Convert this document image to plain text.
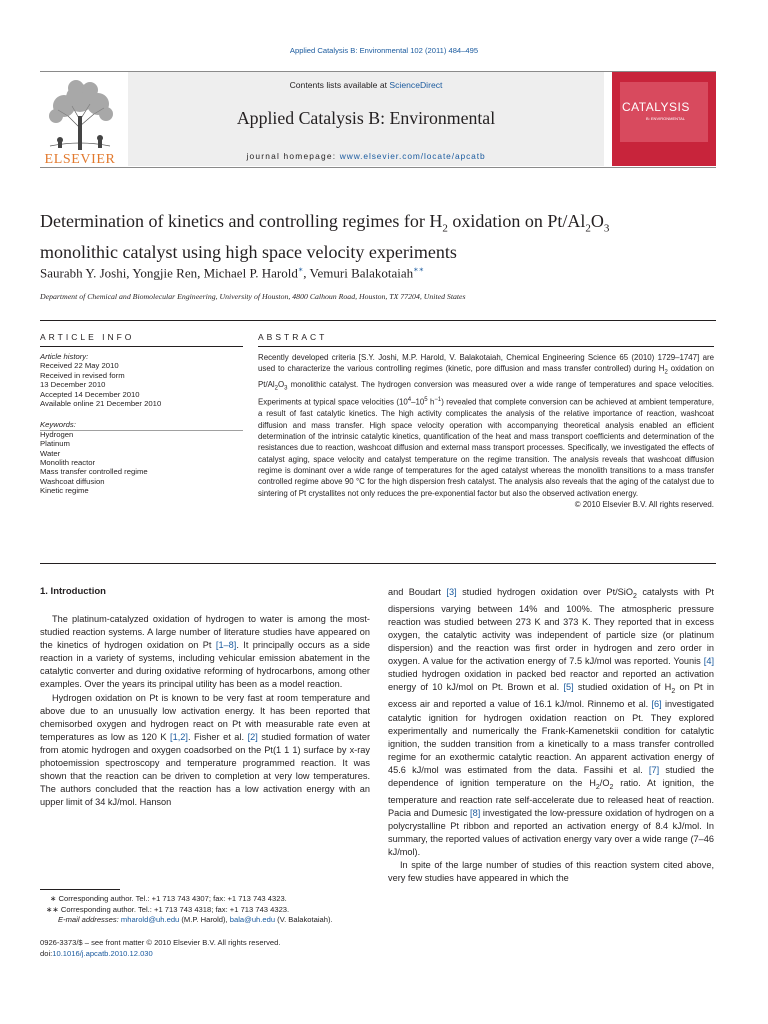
Applied Catalysis B: Environmental 102 (2011) 484–495
ELSEVIER
Contents lists available at ScienceDirect
Applied Catalysis B: Environmental
journal homepage: www.elsevier.com/locate/apcatb
CATALYSIS
B: ENVIRONMENTAL
Determination of kinetics and controlling regimes for $H_2$ oxidation on $Pt/Al_2O_3$
monolithic catalyst using high space velocity experiments
Saurabh Y. Joshi, Yongjie Ren, Michael P. Harold∗, Vemuri Balakotaiah∗∗
Department of Chemical and Biomolecular Engineering, University of Houston, 4800 Calhoun Road, Houston, TX 77204, United States
ARTICLE INFO	ABSTRACT
Article history:
Received 22 May 2010
Received in revised form
13 December 2010
Accepted 14 December 2010
Available online 21 December 2010
Keywords:
Hydrogen
Platinum
Water
Monolith reactor
Mass transfer controlled regime
Washcoat diffusion
Kinetic regime

Recently developed criteria [S.Y. Joshi, M.P. Harold, V. Balakotaiah, Chemical Engineering Science 65 (2010) 1729–1747] are used to characterize the various controlling regimes (kinetic, pore diffusion and mass transfer controlled) during $H_2$ oxidation on $Pt/Al_2O_3$ monolithic catalyst. The hydrogen conversion was measured over a wide range of temperatures and space velocities. Experiments at typical space velocities ($10^4-10^5$ $h^{-1}$) revealed that complete conversion can be achieved at ambient temperature, a result of fast catalytic kinetics. The high activity complicates the analysis of the relative importance of reaction, washcoat diffusion and mass transfer. High space velocity operation with accompanying theoretical analysis enabled an efficient determination of the intrinsic catalytic kinetics, quantification of the heat and mass transport coefficients and determination of the resistances due to reaction, washcoat diffusion and external mass transport processes. Specifically, we investigated the effects of catalyst aging, space velocity and catalyst temperature on the regime transition. The analysis reveals that washcoat diffusion regime is dominant over a wide range of temperatures for the aged catalyst whereas the monolith transitions to a mass transfer controlled regime above 90 °C for the high dispersion fresh catalyst. The analysis also reveals that the aging of the catalyst due to sintering of Pt crystallites not only reduces the pre-exponential factor but also the observed activation energy.

© 2010 Elsevier B.V. All rights reserved.

1. Introduction

The platinum-catalyzed oxidation of hydrogen to water is among the most-studied reaction systems. A large number of literature studies have appeared on the kinetics of hydrogen oxidation on Pt [1–8]. It principally occurs as a side reaction in a variety of systems, including vehicular emission abatement in the catalytic converter and during oxidative reforming of hydrocarbons, among other examples. Over the years its principal utility has been as a model reaction.

Hydrogen oxidation on Pt is known to be very fast at room temperature and above due to an unusually low activation energy. It has been reported that chemisorbed oxygen and hydrogen react on Pt with measurable rate even at temperatures as low as 120 K [1,2]. Fisher et al. [2] studied formation of water from atomic hydrogen and oxygen coadsorbed on the Pt(1 1 1) surface by x-ray photoemission spectroscopy and temperature programmed reaction. It was shown that the reaction can be driven to completion at very low temperatures. The authors concluded that the reaction has a low activation energy with an upper limit of 34 kJ/mol. Hanson

and Boudart [3] studied hydrogen oxidation over Pt/SiO$_2$ catalysts with Pt dispersions varying between 14% and 100%. The atmospheric pressure reaction was studied between 273 K and 373 K. They reported that in excess oxygen, the catalytic activity was independent of particle size (or platinum dispersion) and the reaction was first order in hydrogen and zero order in oxygen. A value for the activation energy of 7.5 kJ/mol was reported. Younis [4] studied hydrogen oxidation in packed bed reactor and reported an activation energy of 10 kJ/mol on Pt. Brown et al. [5] studied oxidation of $H_2$ on Pt in excess air and reported a value of 16.1 kJ/mol. Rinnemo et al. [6] investigated catalytic ignition for hydrogen oxidation reaction on Pt. They explored experimentally and numerically the Frank-Kamenetskii condition for catalytic ignition, the sudden transition from a kinetically to a mass transfer controlled regime for an exothermic catalytic reaction. An apparent activation energy of 45.6 kJ/mol was estimated from the data. Fassihi et al. [7] studied the dependence of ignition temperature on the $H_2/O_2$ ratio. At ignition, the temperature and reaction rate self-accelerate due to released heat of reaction. Pacia and Dumesic [8] investigated the low-pressure oxidation of hydrogen on a polycrystalline Pt ribbon and reported an activation energy of 8.4 kJ/mol. In summary, the reported values of activation energy vary over a wide range (7–46 kJ/mol).

In spite of the large number of studies of this reaction system cited above, very few studies have appeared in which the

∗ Corresponding author. Tel.: +1 713 743 4307; fax: +1 713 743 4323.
∗∗ Corresponding author. Tel.: +1 713 743 4318; fax: +1 713 743 4323.
E-mail addresses: mharold@uh.edu (M.P. Harold), bala@uh.edu (V. Balakotaiah).
0926-3373/$ – see front matter © 2010 Elsevier B.V. All rights reserved.
doi:10.1016/j.apcatb.2010.12.030
